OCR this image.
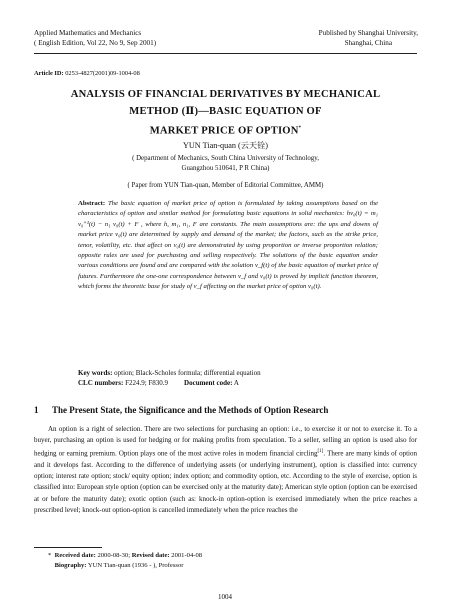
Applied Mathematics and Mechanics
( English Edition, Vol 22, No 9, Sep 2001)
Published by Shanghai University,
Shanghai, China
Article ID: 0253-4827(2001)09-1004-08
ANALYSIS OF FINANCIAL DERIVATIVES BY MECHANICAL
METHOD (Ⅱ)—BASIC EQUATION OF
MARKET PRICE OF OPTION*
YUN Tian-quan (云天铨)
( Department of Mechanics, South China University of Technology,
Guangzhou 510641, P R China)
( Paper from YUN Tian-quan, Member of Editorial Committee, AMM)
Abstract: The basic equation of market price of option is formulated by taking assumptions based on the characteristics of option and similar method for formulating basic equations in solid mechanics: hv₀(t) = m₁ v₀⁺¹(t) − n₁ v₀(t) + F , where h, m₁, n₁, F are constants. The main assumptions are: the ups and downs of market price v₀(t) are determined by supply and demand of the market; the factors, such as the strike price, tenor, volatility, etc. that affect on v₀(t) are demonstrated by using proportion or inverse proportion relation; opposite rules are used for purchasing and selling respectively. The solutions of the basic equation under various conditions are found and are compared with the solution v_f(t) of the basic equation of market price of futures. Furthermore the one-one correspondence between v_f and v₀(t) is proved by implicit function theorem, which forms the theoretic base for study of v_f affecting on the market price of option v₀(t).
Key words: option; Black-Scholes formula; differential equation
CLC numbers: F224.9; F830.9 Document code: A
1 The Present State, the Significance and the Methods of Option Research

An option is a right of selection. There are two selections for purchasing an option: i.e., to exercise it or not to exercise it. To a buyer, purchasing an option is used for hedging or for making profits from speculation. To a seller, selling an option is used also for hedging or earning premium. Option plays one of the most active roles in modern financial circling[1]. There are many kinds of option and it develops fast. According to the difference of underlying assets (or underlying instrument), option is classified into: currency option; interest rate option; stock/ equity option; index option; and commodity option, etc. According to the style of exercise, option is classified into: European style option (option can be exercised only at the maturity date); American style option (option can be exercised at or before the maturity date); exotic option (such as: knock-in option-option is exercised immediately when the price reaches a prescribed level; knock-out option-option is cancelled immediately when the price reaches the

* Received date: 2000-08-30; Revised date: 2001-04-08
Biography: YUN Tian-quan (1936 - ), Professor
1004
